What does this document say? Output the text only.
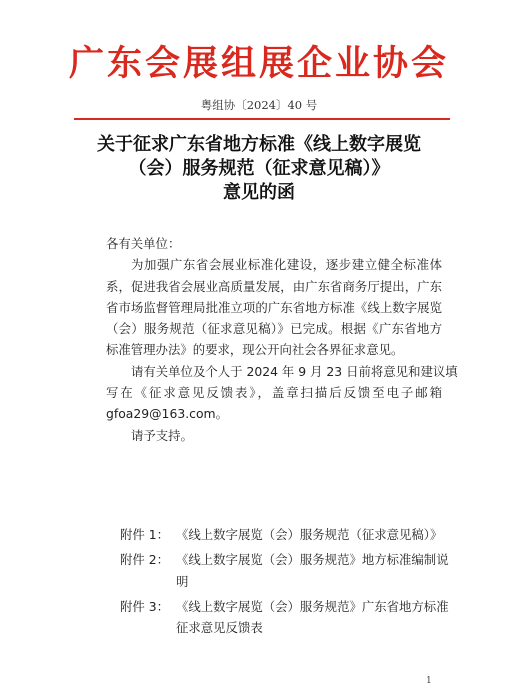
广东会展组展企业协会
粤组协〔2024〕40 号
关于征求广东省地方标准《线上数字展览
（会）服务规范（征求意见稿）》
意见的函
各有关单位：
为加强广东省会展业标准化建设，逐步建立健全标准体
系，促进我省会展业高质量发展，由广东省商务厅提出，广东
省市场监督管理局批准立项的广东省地方标准《线上数字展览
（会）服务规范（征求意见稿）》已完成。根据《广东省地方
标准管理办法》的要求，现公开向社会各界征求意见。
请有关单位及个人于 2024 年 9 月 23 日前将意见和建议填
写在《征求意见反馈表》，盖章扫描后反馈至电子邮箱
gfoa29@163.com。
请予支持。
附件 1： 《线上数字展览（会）服务规范（征求意见稿）》
附件 2： 《线上数字展览（会）服务规范》地方标准编制说
明
附件 3： 《线上数字展览（会）服务规范》广东省地方标准
征求意见反馈表
1
